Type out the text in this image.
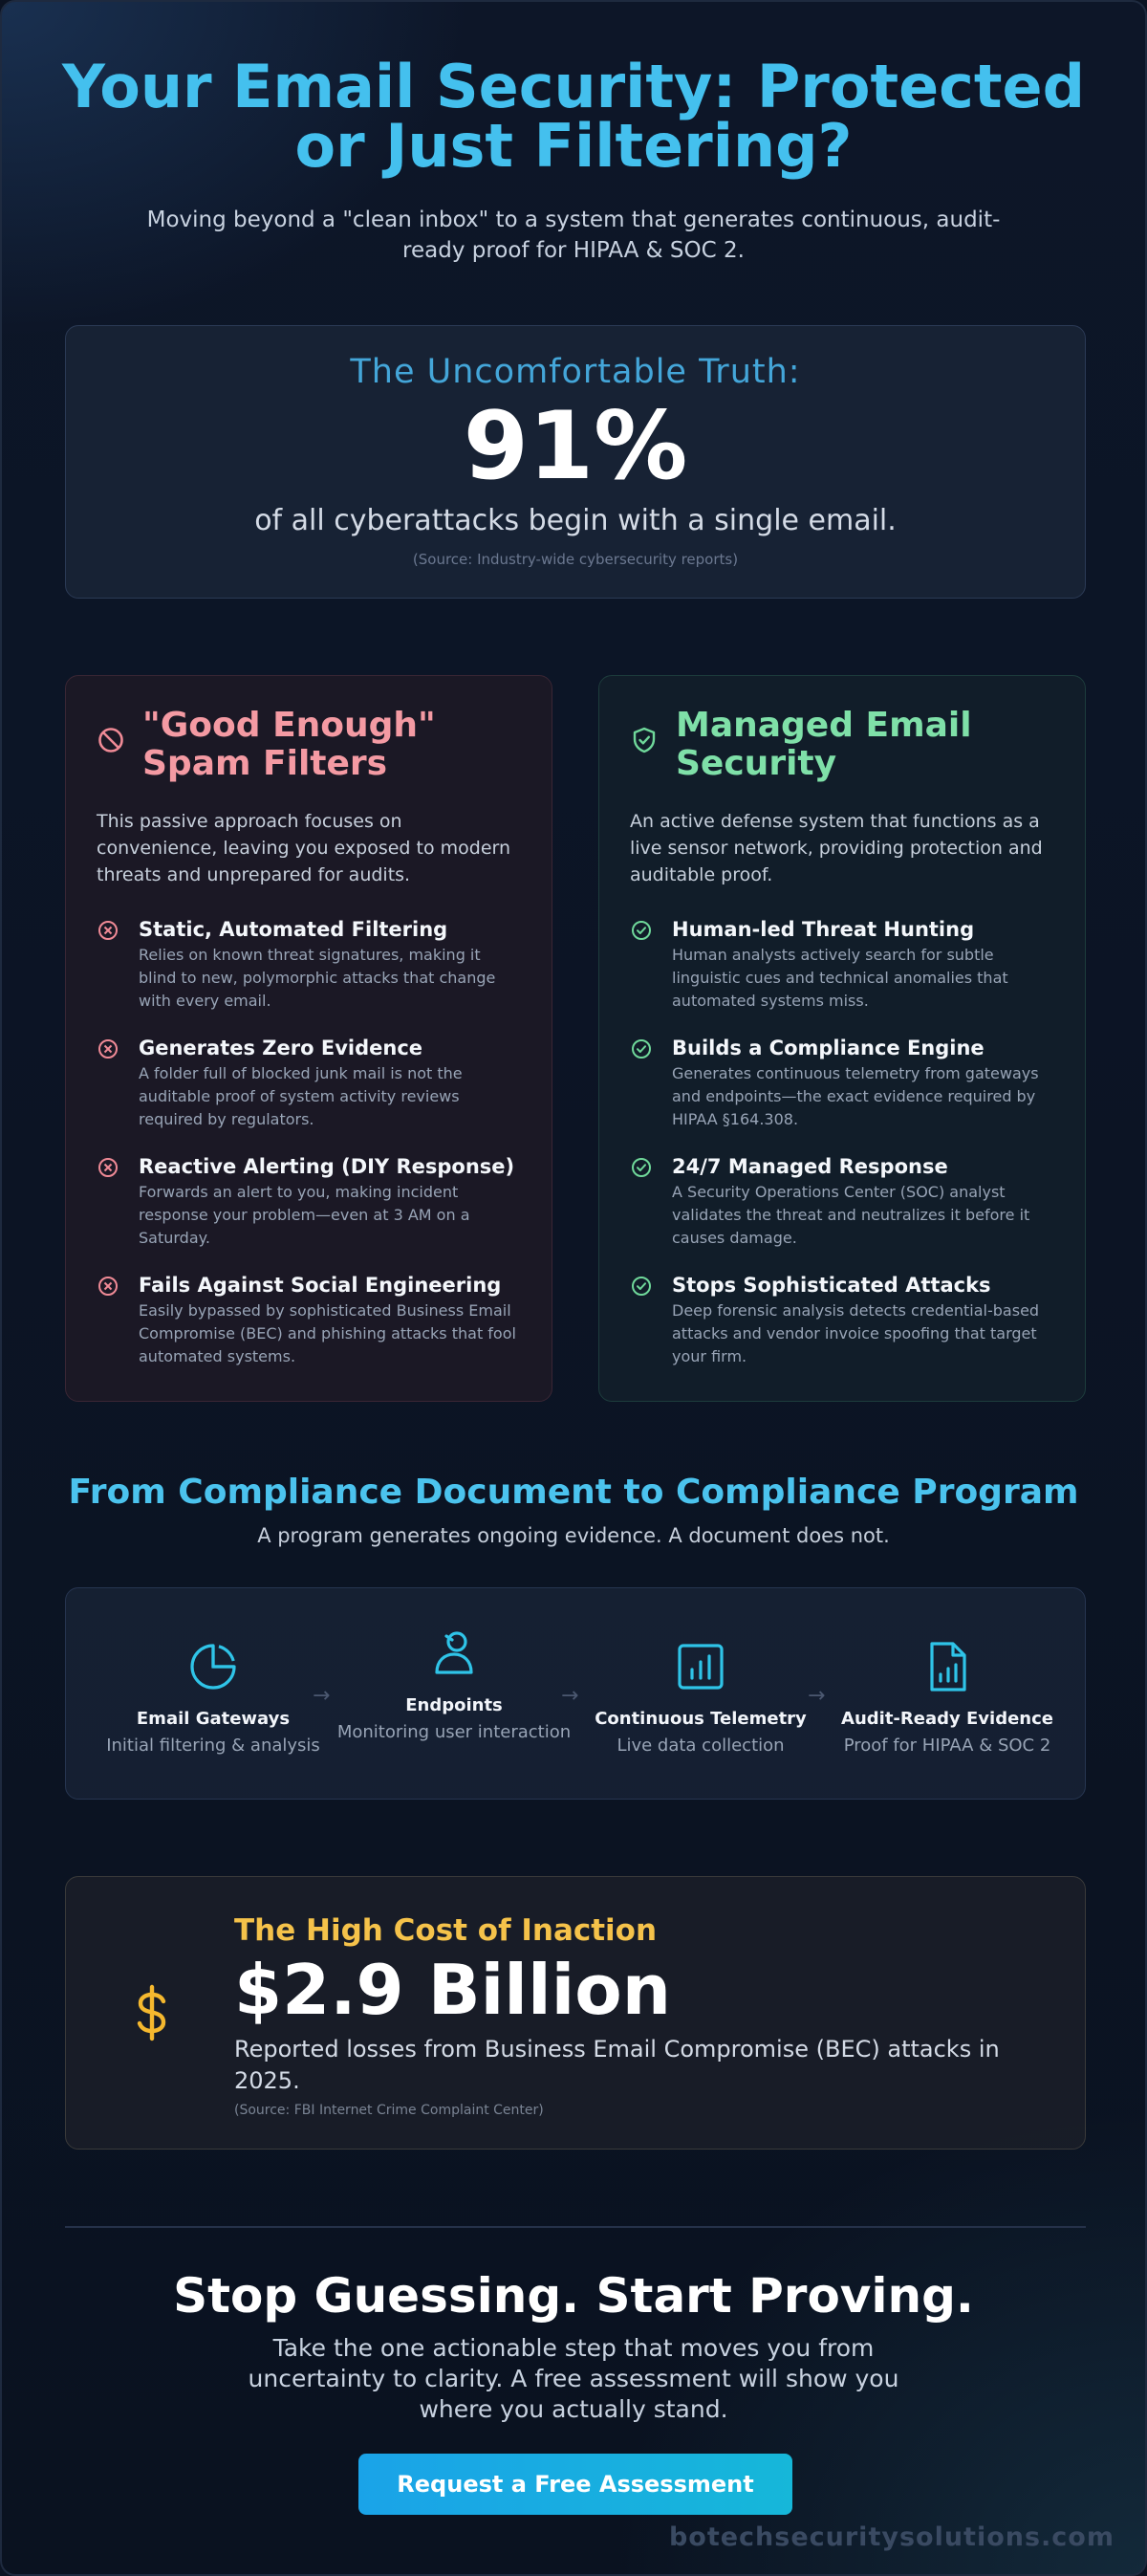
Your Email Security: Protected or Just Filtering?

Moving beyond a "clean inbox" to a system that generates continuous, audit-ready proof for HIPAA & SOC 2.

The Uncomfortable Truth:
91%
of all cyberattacks begin with a single email.
(Source: Industry-wide cybersecurity reports)
"Good Enough" Spam Filters

This passive approach focuses on convenience, leaving you exposed to modern threats and unprepared for audits.

Static, Automated Filtering
Relies on known threat signatures, making it blind to new, polymorphic attacks that change with every email.
Generates Zero Evidence
A folder full of blocked junk mail is not the auditable proof of system activity reviews required by regulators.
Reactive Alerting (DIY Response)
Forwards an alert to you, making incident response your problem—even at 3 AM on a Saturday.
Fails Against Social Engineering
Easily bypassed by sophisticated Business Email Compromise (BEC) and phishing attacks that fool automated systems.
Managed Email Security

An active defense system that functions as a live sensor network, providing protection and auditable proof.

Human-led Threat Hunting
Human analysts actively search for subtle linguistic cues and technical anomalies that automated systems miss.
Builds a Compliance Engine
Generates continuous telemetry from gateways and endpoints—the exact evidence required by HIPAA §164.308.
24/7 Managed Response
A Security Operations Center (SOC) analyst validates the threat and neutralizes it before it causes damage.
Stops Sophisticated Attacks
Deep forensic analysis detects credential-based attacks and vendor invoice spoofing that target your firm.
From Compliance Document to Compliance Program

A program generates ongoing evidence. A document does not.

Email Gateways
Initial filtering & analysis
→	Endpoints
Monitoring user interaction
→
Continuous Telemetry
Live data collection
→
Audit-Ready Evidence
Proof for HIPAA & SOC 2
The High Cost of Inaction
$2.9 Billion
Reported losses from Business Email Compromise (BEC) attacks in 2025.
(Source: FBI Internet Crime Complaint Center)
Stop Guessing. Start Proving.

Take the one actionable step that moves you from uncertainty to clarity. A free assessment will show you where you actually stand.

Request a Free Assessment
botechsecuritysolutions.com
